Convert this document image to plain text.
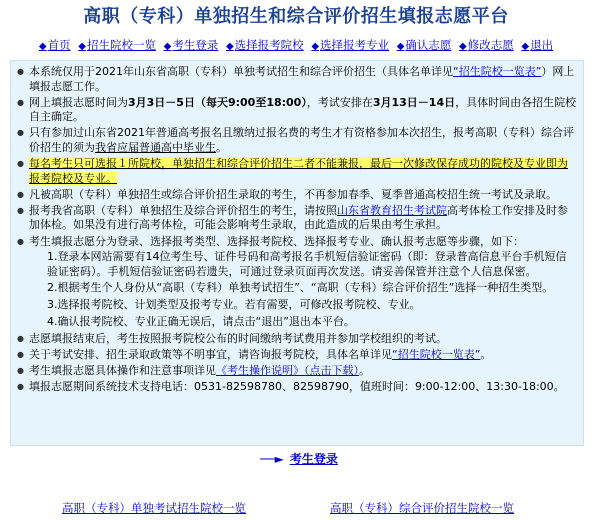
高职（专科）单独招生和综合评价招生填报志愿平台
◆首页 ◆招生院校一览 ◆考生登录 ◆选择报考院校 ◆选择报考专业 ◆确认志愿 ◆修改志愿 ◆退出
● 本系统仅用于2021年山东省高职（专科）单独考试招生和综合评价招生（具体名单详见“招生院校一览表”）网上填报志愿工作。
● 网上填报志愿时间为3月3日－5日（每天9:00至18:00），考试安排在3月13日－14日，具体时间由各招生院校自主确定。
● 只有参加过山东省2021年普通高考报名且缴纳过报名费的考生才有资格参加本次招生，报考高职（专科）综合评价招生的须为我省应届普通高中毕业生。
● 每名考生只可选报１所院校，单独招生和综合评价招生二者不能兼报，最后一次修改保存成功的院校及专业即为报考院校及专业。
● 凡被高职（专科）单独招生或综合评价招生录取的考生，不再参加春季、夏季普通高校招生统一考试及录取。
● 报考我省高职（专科）单独招生及综合评价招生的考生，请按照山东省教育招生考试院高考体检工作安排及时参加体检。如果没有进行高考体检，可能会影响考生录取，由此造成的后果由考生承担。
● 考生填报志愿分为登录、选择报考类型、选择报考院校、选择报考专业、确认报考志愿等步骤，如下：
1.登录本网站需要有14位考生号、证件号码和高考报名手机短信验证密码（即：登录普高信息平台手机短信验证密码）。手机短信验证密码若遗失，可通过登录页面再次发送。请妥善保管并注意个人信息保密。
2.根据考生个人身份从“高职（专科）单独考试招生”、“高职（专科）综合评价招生”选择一种招生类型。
3.选择报考院校、计划类型及报考专业。若有需要，可修改报考院校、专业。
4.确认报考院校、专业正确无误后，请点击“退出”退出本平台。
● 志愿填报结束后，考生按照报考院校公布的时间缴纳考试费用并参加学校组织的考试。
● 关于考试安排、招生录取政策等不明事宜，请咨询报考院校，具体名单详见“招生院校一览表”。
● 考生填报志愿具体操作和注意事项详见《考生操作说明》（点击下载）。
● 填报志愿期间系统技术支持电话：0531-82598780、82598790，值班时间：9:00-12:00、13:30-18:00。
──► 考生登录
高职（专科）单独考试招生院校一览	高职（专科）综合评价招生院校一览
